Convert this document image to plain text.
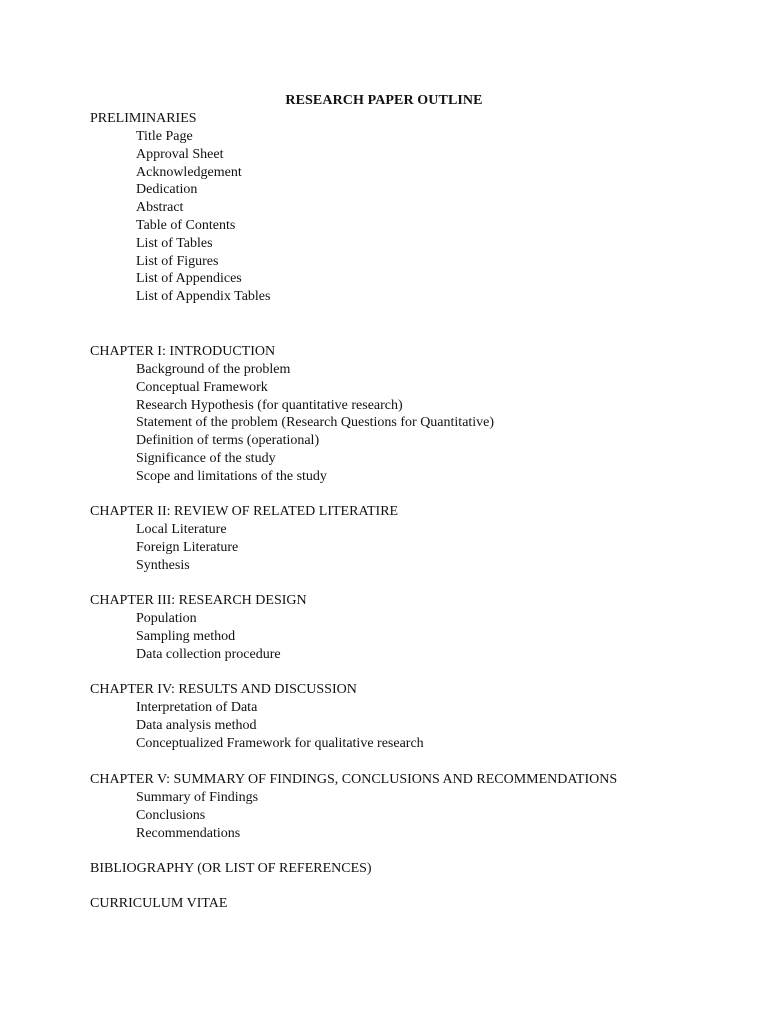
RESEARCH PAPER OUTLINE
PRELIMINARIES
Title Page
Approval Sheet
Acknowledgement
Dedication
Abstract
Table of Contents
List of Tables
List of Figures
List of Appendices
List of Appendix Tables
CHAPTER I: INTRODUCTION
Background of the problem
Conceptual Framework
Research Hypothesis (for quantitative research)
Statement of the problem (Research Questions for Quantitative)
Definition of terms (operational)
Significance of the study
Scope and limitations of the study
CHAPTER II: REVIEW OF RELATED LITERATIRE
Local Literature
Foreign Literature
Synthesis
CHAPTER III: RESEARCH DESIGN
Population
Sampling method
Data collection procedure
CHAPTER IV: RESULTS AND DISCUSSION
Interpretation of Data
Data analysis method
Conceptualized Framework for qualitative research
CHAPTER V: SUMMARY OF FINDINGS, CONCLUSIONS AND RECOMMENDATIONS
Summary of Findings
Conclusions
Recommendations
BIBLIOGRAPHY (OR LIST OF REFERENCES)
CURRICULUM VITAE
